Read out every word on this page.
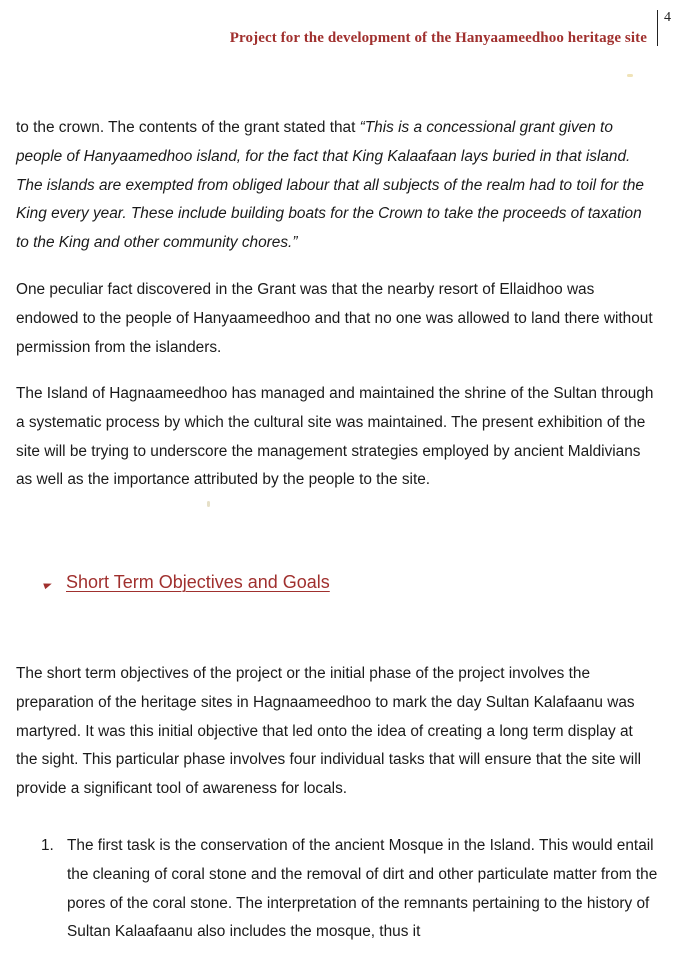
Project for the development of the Hanyaameedhoo heritage site
4

to the crown. The contents of the grant stated that “This is a concessional grant given to people of Hanyaamedhoo island, for the fact that King Kalaafaan lays buried in that island. The islands are exempted from obliged labour that all subjects of the realm had to toil for the King every year. These include building boats for the Crown to take the proceeds of taxation to the King and other community chores.”

One peculiar fact discovered in the Grant was that the nearby resort of Ellaidhoo was endowed to the people of Hanyaameedhoo and that no one was allowed to land there without permission from the islanders.

The Island of Hagnaameedhoo has managed and maintained the shrine of the Sultan through a systematic process by which the cultural site was maintained. The present exhibition of the site will be trying to underscore the management strategies employed by ancient Maldivians as well as the importance attributed by the people to the site.

Short Term Objectives and Goals

The short term objectives of the project or the initial phase of the project involves the preparation of the heritage sites in Hagnaameedhoo to mark the day Sultan Kalafaanu was martyred. It was this initial objective that led onto the idea of creating a long term display at the sight. This particular phase involves four individual tasks that will ensure that the site will provide a significant tool of awareness for locals.

1. The first task is the conservation of the ancient Mosque in the Island. This would entail the cleaning of coral stone and the removal of dirt and other particulate matter from the pores of the coral stone. The interpretation of the remnants pertaining to the history of Sultan Kalaafaanu also includes the mosque, thus it
